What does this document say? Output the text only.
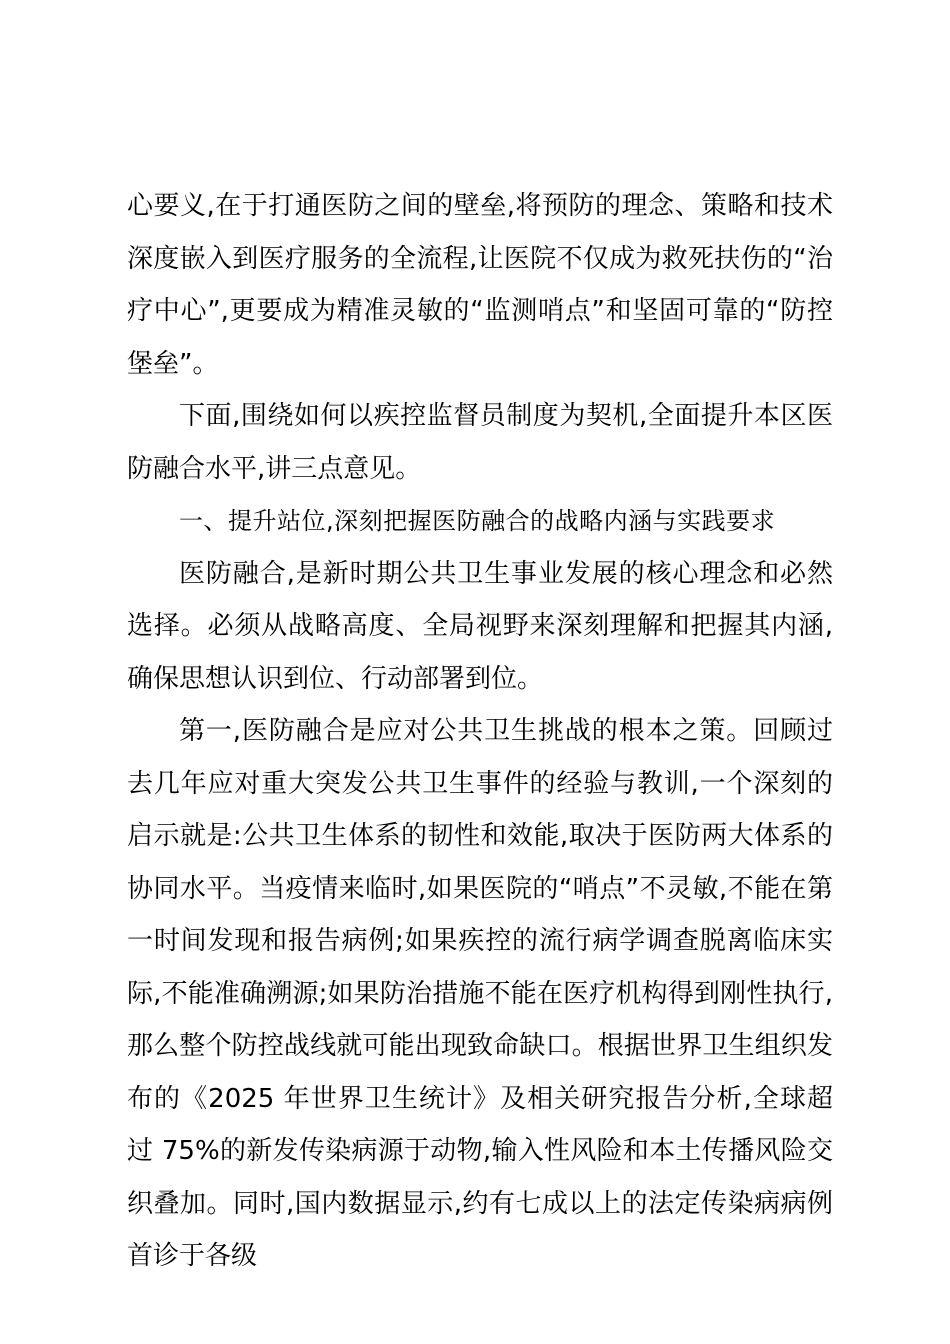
心要义,在于打通医防之间的壁垒,将预防的理念、策略和技术深度嵌入到医疗服务的全流程,让医院不仅成为救死扶伤的“治疗中心”,更要成为精准灵敏的“监测哨点”和坚固可靠的“防控堡垒”。

下面,围绕如何以疾控监督员制度为契机,全面提升本区医防融合水平,讲三点意见。

一、提升站位,深刻把握医防融合的战略内涵与实践要求

医防融合,是新时期公共卫生事业发展的核心理念和必然选择。必须从战略高度、全局视野来深刻理解和把握其内涵,确保思想认识到位、行动部署到位。

第一,医防融合是应对公共卫生挑战的根本之策。回顾过去几年应对重大突发公共卫生事件的经验与教训,一个深刻的启示就是:公共卫生体系的韧性和效能,取决于医防两大体系的协同水平。当疫情来临时,如果医院的“哨点”不灵敏,不能在第一时间发现和报告病例;如果疾控的流行病学调查脱离临床实际,不能准确溯源;如果防治措施不能在医疗机构得到刚性执行,那么整个防控战线就可能出现致命缺口。根据世界卫生组织发布的《2025 年世界卫生统计》及相关研究报告分析,全球超过 75%的新发传染病源于动物,输入性风险和本土传播风险交织叠加。同时,国内数据显示,约有七成以上的法定传染病病例首诊于各级
